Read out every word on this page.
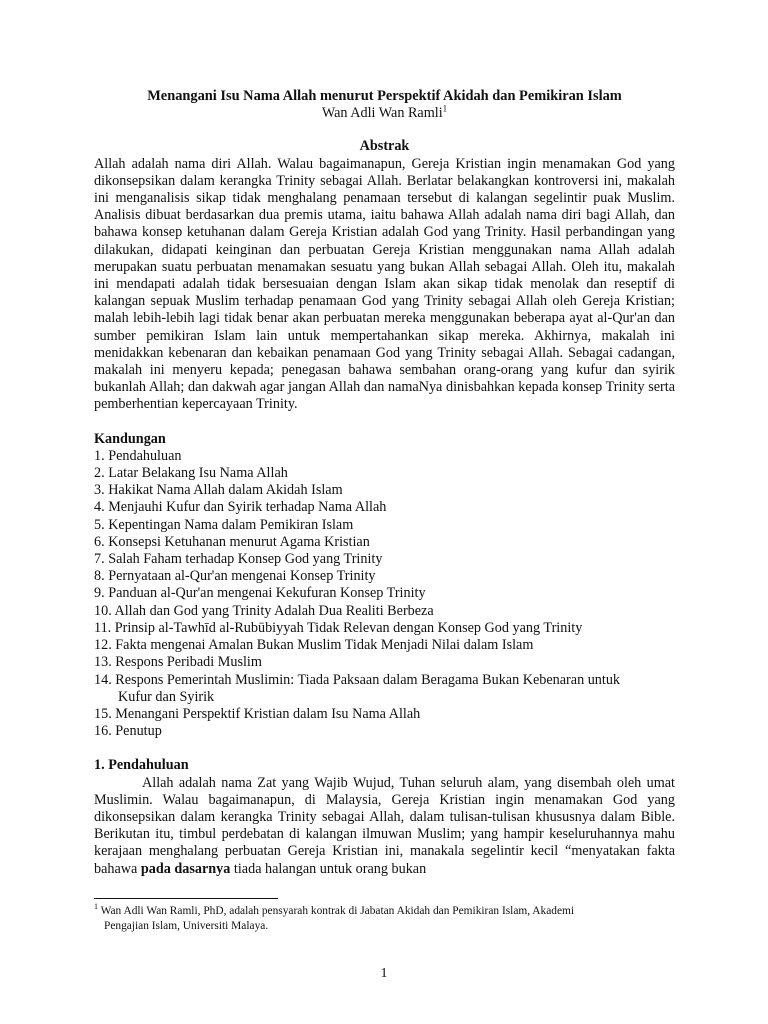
Menangani Isu Nama Allah menurut Perspektif Akidah dan Pemikiran Islam
Wan Adli Wan Ramli$^1$
Abstrak
Allah adalah nama diri Allah. Walau bagaimanapun, Gereja Kristian ingin menamakan God yang dikonsepsikan dalam kerangka Trinity sebagai Allah. Berlatar belakangkan kontroversi ini, makalah ini menganalisis sikap tidak menghalang penamaan tersebut di kalangan segelintir puak Muslim. Analisis dibuat berdasarkan dua premis utama, iaitu bahawa Allah adalah nama diri bagi Allah, dan bahawa konsep ketuhanan dalam Gereja Kristian adalah God yang Trinity. Hasil perbandingan yang dilakukan, didapati keinginan dan perbuatan Gereja Kristian menggunakan nama Allah adalah merupakan suatu perbuatan menamakan sesuatu yang bukan Allah sebagai Allah. Oleh itu, makalah ini mendapati adalah tidak bersesuaian dengan Islam akan sikap tidak menolak dan reseptif di kalangan sepuak Muslim terhadap penamaan God yang Trinity sebagai Allah oleh Gereja Kristian; malah lebih-lebih lagi tidak benar akan perbuatan mereka menggunakan beberapa ayat al-Qur'an dan sumber pemikiran Islam lain untuk mempertahankan sikap mereka. Akhirnya, makalah ini menidakkan kebenaran dan kebaikan penamaan God yang Trinity sebagai Allah. Sebagai cadangan, makalah ini menyeru kepada; penegasan bahawa sembahan orang-orang yang kufur dan syirik bukanlah Allah; dan dakwah agar jangan Allah dan namaNya dinisbahkan kepada konsep Trinity serta pemberhentian kepercayaan Trinity.
Kandungan
1. Pendahuluan
2. Latar Belakang Isu Nama Allah
3. Hakikat Nama Allah dalam Akidah Islam
4. Menjauhi Kufur dan Syirik terhadap Nama Allah
5. Kepentingan Nama dalam Pemikiran Islam
6. Konsepsi Ketuhanan menurut Agama Kristian
7. Salah Faham terhadap Konsep God yang Trinity
8. Pernyataan al-Qur'an mengenai Konsep Trinity
9. Panduan al-Qur'an mengenai Kekufuran Konsep Trinity
10. Allah dan God yang Trinity Adalah Dua Realiti Berbeza
11. Prinsip al-Tawhīd al-Rubūbiyyah Tidak Relevan dengan Konsep God yang Trinity
12. Fakta mengenai Amalan Bukan Muslim Tidak Menjadi Nilai dalam Islam
13. Respons Peribadi Muslim
14. Respons Pemerintah Muslimin: Tiada Paksaan dalam Beragama Bukan Kebenaran untuk
Kufur dan Syirik
15. Menangani Perspektif Kristian dalam Isu Nama Allah
16. Penutup
1. Pendahuluan
Allah adalah nama Zat yang Wajib Wujud, Tuhan seluruh alam, yang disembah oleh umat Muslimin. Walau bagaimanapun, di Malaysia, Gereja Kristian ingin menamakan God yang dikonsepsikan dalam kerangka Trinity sebagai Allah, dalam tulisan-tulisan khususnya dalam Bible. Berikutan itu, timbul perdebatan di kalangan ilmuwan Muslim; yang hampir keseluruhannya mahu kerajaan menghalang perbuatan Gereja Kristian ini, manakala segelintir kecil “menyatakan fakta bahawa pada dasarnya tiada halangan untuk orang bukan
$^1$ Wan Adli Wan Ramli, PhD, adalah pensyarah kontrak di Jabatan Akidah dan Pemikiran Islam, Akademi
Pengajian Islam, Universiti Malaya.
1
